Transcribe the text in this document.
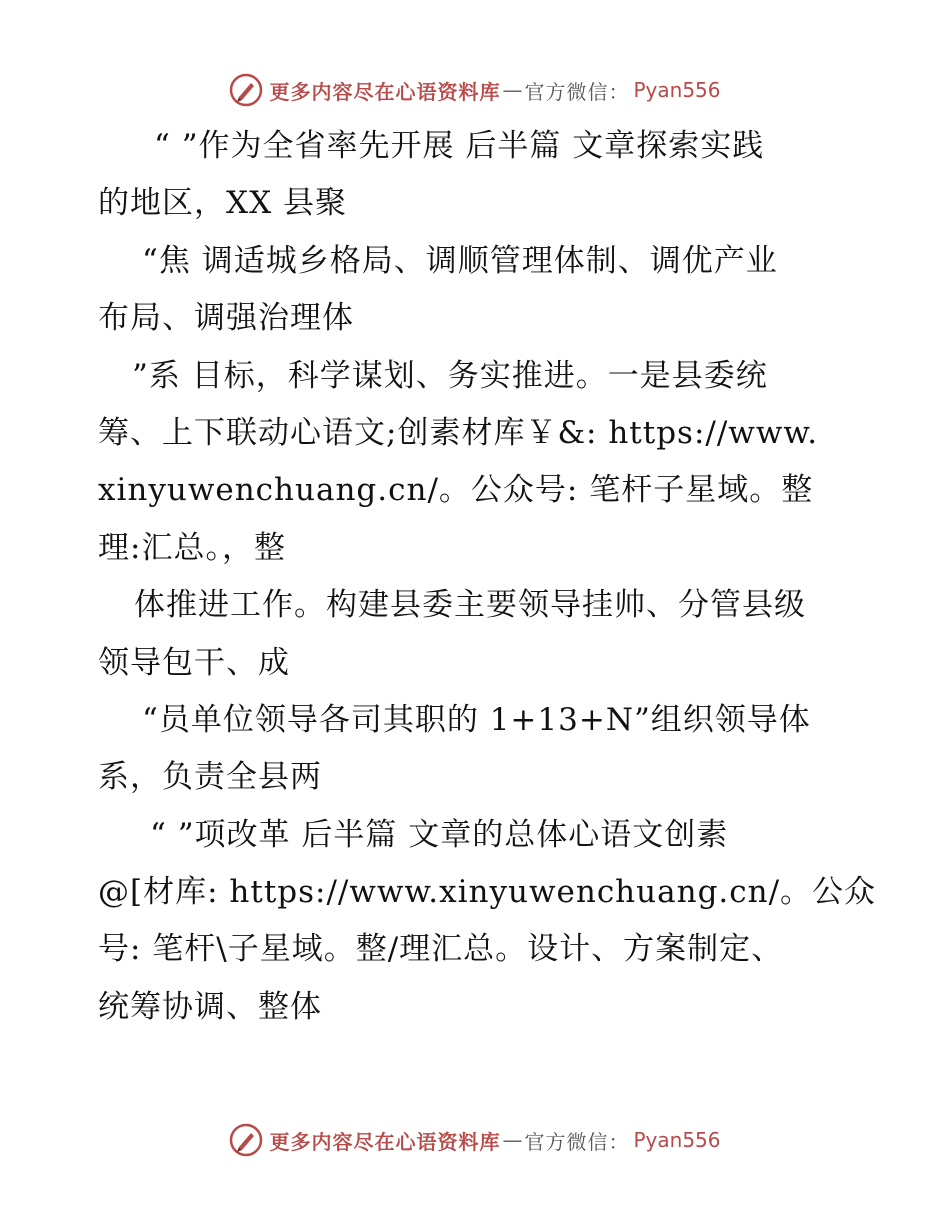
更多内容尽在心语资料库 — 官方微信： Pyan556
“ ”作为全省率先开展 后半篇 文章探索实践
的地区，XX 县聚
“焦 调适城乡格局、调顺管理体制、调优产业
布局、调强治理体
”系 目标，科学谋划、务实推进。一是县委统
筹、上下联动心语文;创素材库￥&: https://www.
xinyuwenchuang.cn/。公众号: 笔杆子星域。整
理:汇总。，整
体推进工作。构建县委主要领导挂帅、分管县级
领导包干、成
“员单位领导各司其职的 1+13+N”组织领导体
系，负责全县两
“ ”项改革 后半篇 文章的总体心语文创素
@[材库: https://www.xinyuwenchuang.cn/。公众
号: 笔杆\子星域。整/理汇总。设计、方案制定、
统筹协调、整体
更多内容尽在心语资料库 — 官方微信： Pyan556
